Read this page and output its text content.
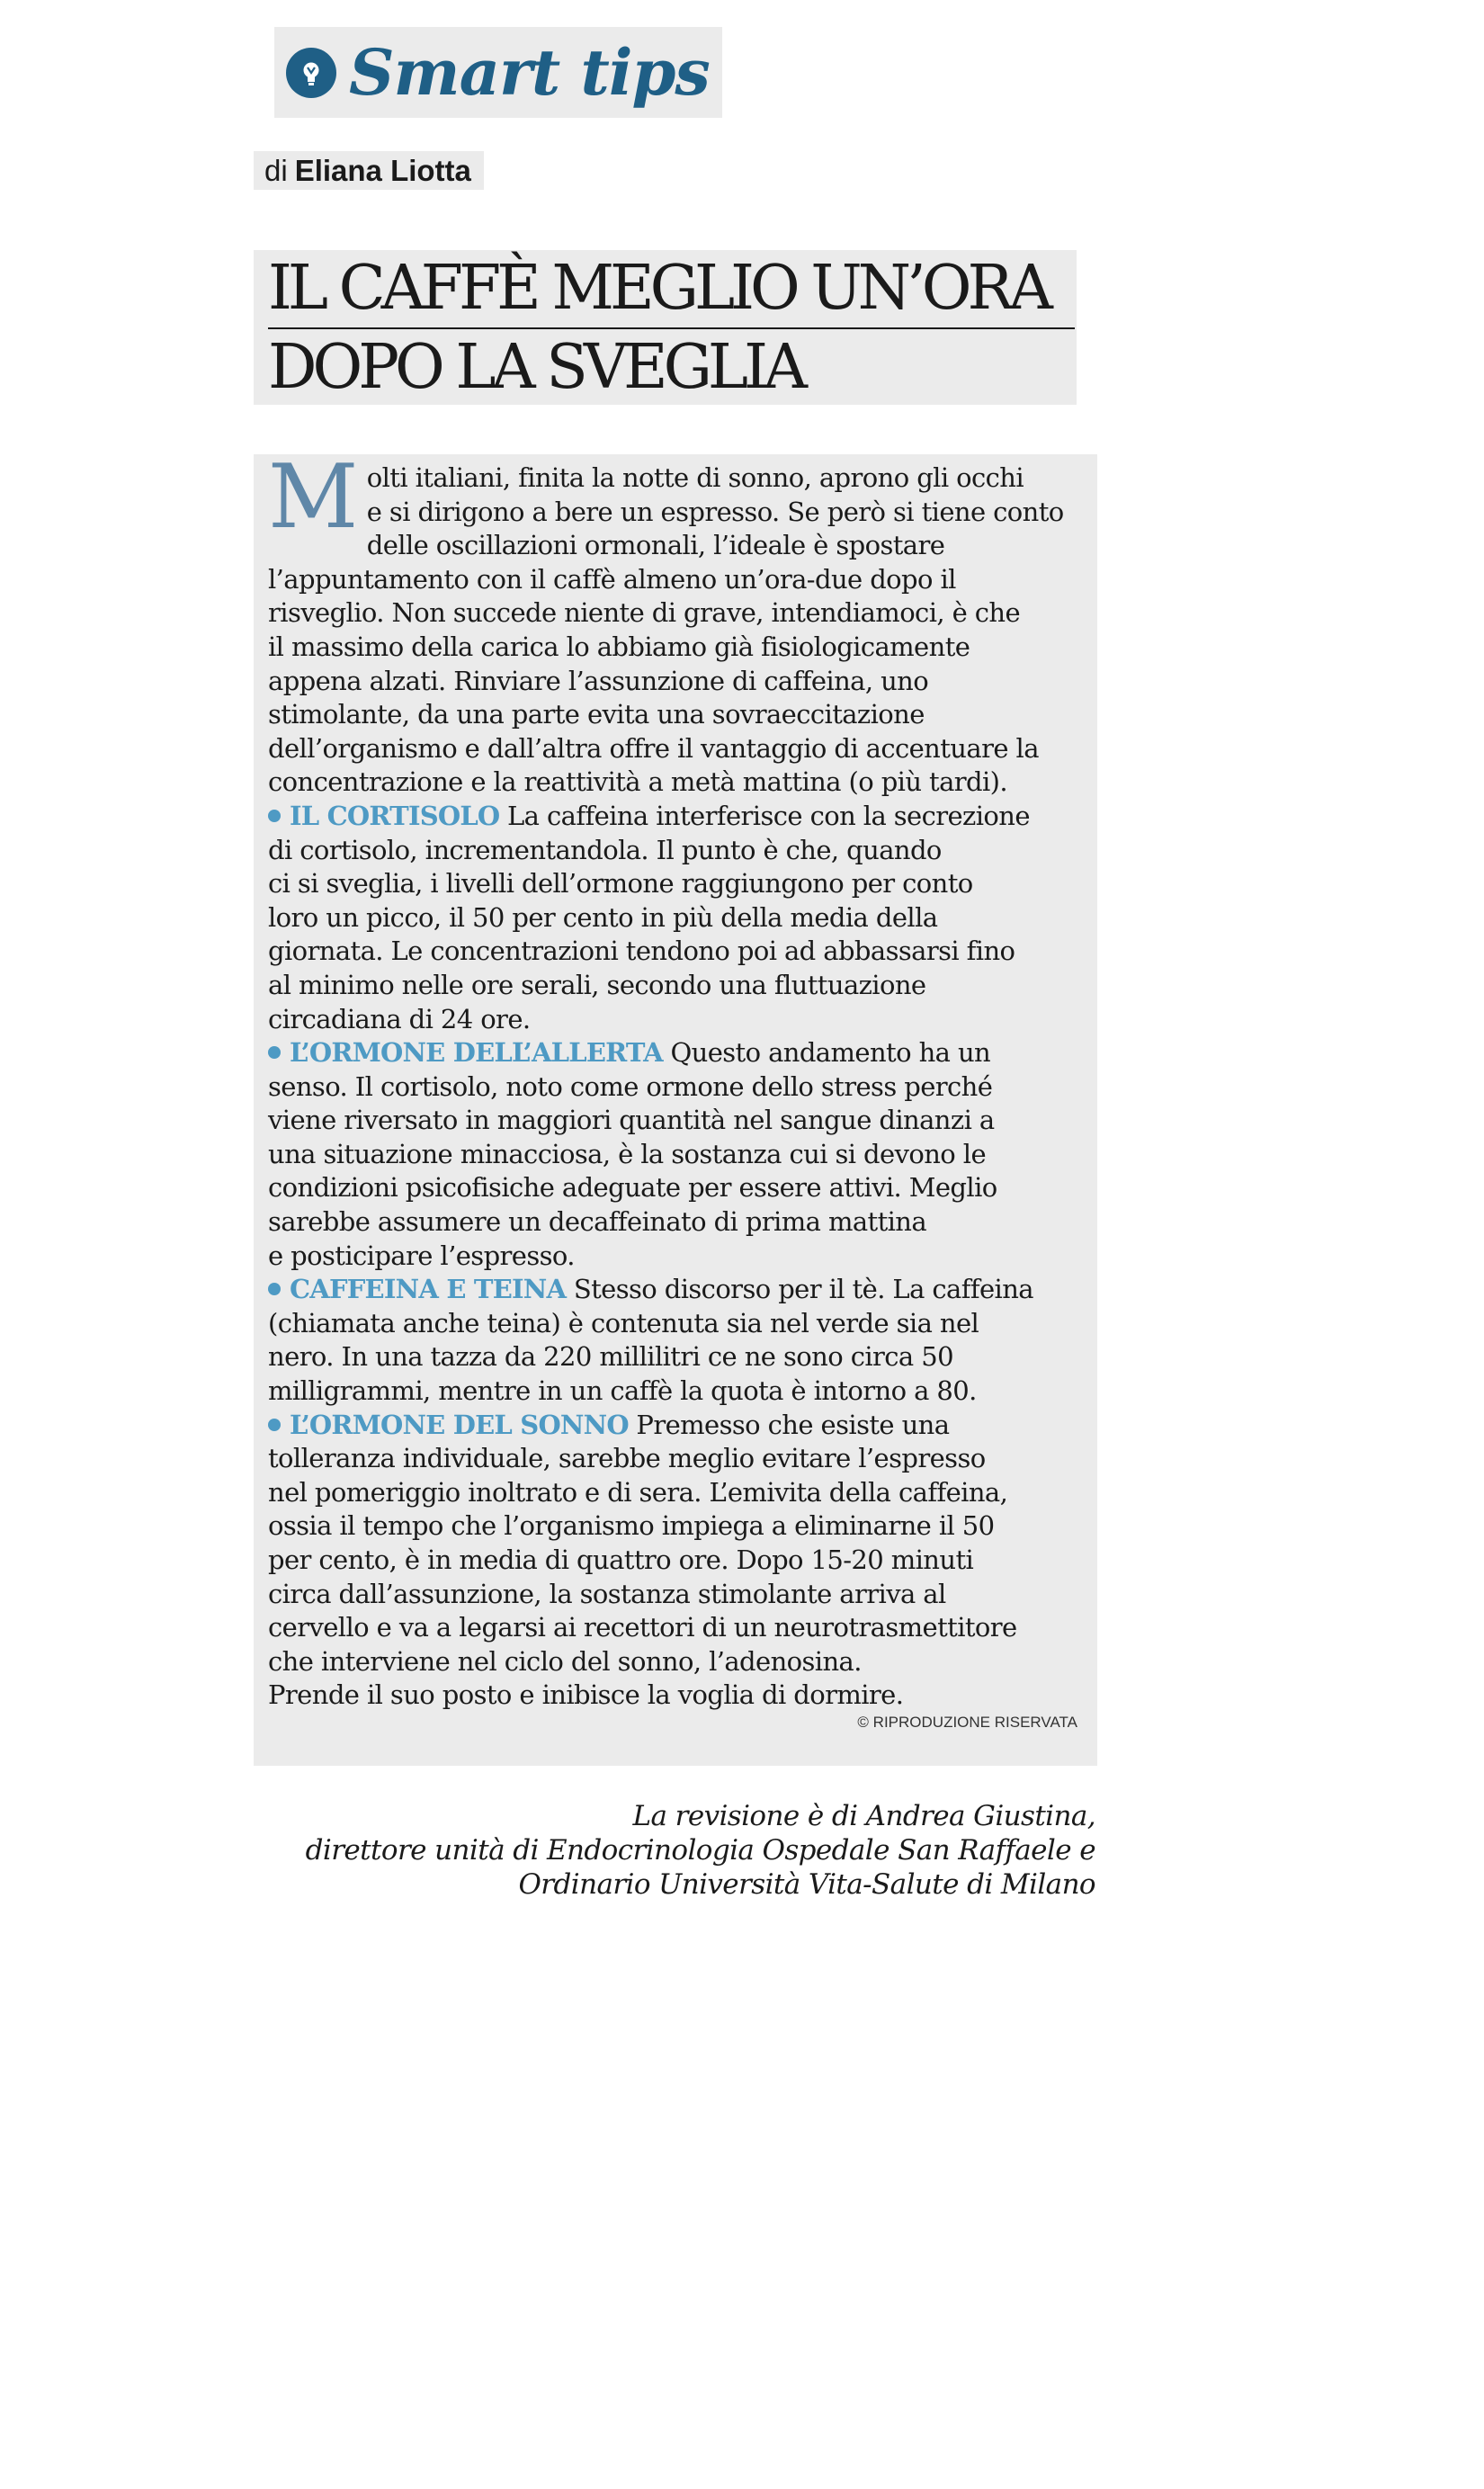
Smart tips
di Eliana Liotta
IL CAFFÈ MEGLIO UN’ORA
DOPO LA SVEGLIA
M olti italiani, finita la notte di sonno, aprono gli occhi
e si dirigono a bere un espresso. Se però si tiene conto
delle oscillazioni ormonali, l’ideale è spostare
l’appuntamento con il caffè almeno un’ora-due dopo il
risveglio. Non succede niente di grave, intendiamoci, è che
il massimo della carica lo abbiamo già fisiologicamente
appena alzati. Rinviare l’assunzione di caffeina, uno
stimolante, da una parte evita una sovraeccitazione
dell’organismo e dall’altra offre il vantaggio di accentuare la
concentrazione e la reattività a metà mattina (o più tardi).
IL CORTISOLO La caffeina interferisce con la secrezione
di cortisolo, incrementandola. Il punto è che, quando
ci si sveglia, i livelli dell’ormone raggiungono per conto
loro un picco, il 50 per cento in più della media della
giornata. Le concentrazioni tendono poi ad abbassarsi fino
al minimo nelle ore serali, secondo una fluttuazione
circadiana di 24 ore.
L’ORMONE DELL’ALLERTA Questo andamento ha un
senso. Il cortisolo, noto come ormone dello stress perché
viene riversato in maggiori quantità nel sangue dinanzi a
una situazione minacciosa, è la sostanza cui si devono le
condizioni psicofisiche adeguate per essere attivi. Meglio
sarebbe assumere un decaffeinato di prima mattina
e posticipare l’espresso.
CAFFEINA E TEINA Stesso discorso per il tè. La caffeina
(chiamata anche teina) è contenuta sia nel verde sia nel
nero. In una tazza da 220 millilitri ce ne sono circa 50
milligrammi, mentre in un caffè la quota è intorno a 80.
L’ORMONE DEL SONNO Premesso che esiste una
tolleranza individuale, sarebbe meglio evitare l’espresso
nel pomeriggio inoltrato e di sera. L’emivita della caffeina,
ossia il tempo che l’organismo impiega a eliminarne il 50
per cento, è in media di quattro ore. Dopo 15-20 minuti
circa dall’assunzione, la sostanza stimolante arriva al
cervello e va a legarsi ai recettori di un neurotrasmettitore
che interviene nel ciclo del sonno, l’adenosina.
Prende il suo posto e inibisce la voglia di dormire.
© RIPRODUZIONE RISERVATA
La revisione è di Andrea Giustina,
direttore unità di Endocrinologia Ospedale San Raffaele e
Ordinario Università Vita-Salute di Milano
